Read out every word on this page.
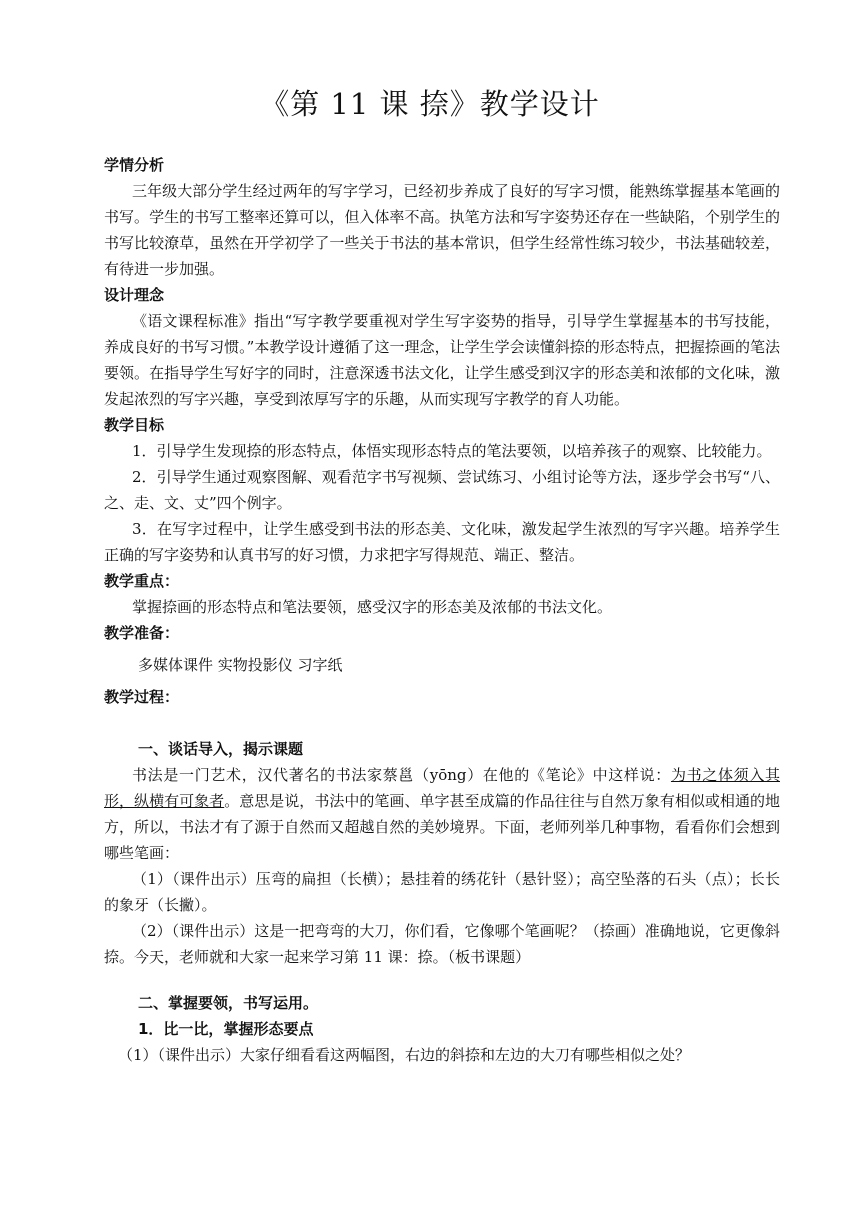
《第 11 课 捺》教学设计
学情分析
三年级大部分学生经过两年的写字学习，已经初步养成了良好的写字习惯，能熟练掌握基本笔画的书写。学生的书写工整率还算可以，但入体率不高。执笔方法和写字姿势还存在一些缺陷，个别学生的书写比较潦草，虽然在开学初学了一些关于书法的基本常识，但学生经常性练习较少，书法基础较差，有待进一步加强。
设计理念
《语文课程标准》指出“写字教学要重视对学生写字姿势的指导，引导学生掌握基本的书写技能，养成良好的书写习惯。”本教学设计遵循了这一理念，让学生学会读懂斜捺的形态特点，把握捺画的笔法要领。在指导学生写好字的同时，注意深透书法文化，让学生感受到汉字的形态美和浓郁的文化味，激发起浓烈的写字兴趣，享受到浓厚写字的乐趣，从而实现写字教学的育人功能。
教学目标
1．引导学生发现捺的形态特点，体悟实现形态特点的笔法要领，以培养孩子的观察、比较能力。
2．引导学生通过观察图解、观看范字书写视频、尝试练习、小组讨论等方法，逐步学会书写“八、之、走、文、丈”四个例字。
3．在写字过程中，让学生感受到书法的形态美、文化味，激发起学生浓烈的写字兴趣。培养学生正确的写字姿势和认真书写的好习惯，力求把字写得规范、端正、整洁。
教学重点：
掌握捺画的形态特点和笔法要领，感受汉字的形态美及浓郁的书法文化。
教学准备：
多媒体课件 实物投影仪 习字纸
教学过程：
一、谈话导入，揭示课题
书法是一门艺术，汉代著名的书法家蔡邕（yōng）在他的《笔论》中这样说：为书之体须入其形，纵横有可象者。意思是说，书法中的笔画、单字甚至成篇的作品往往与自然万象有相似或相通的地方，所以，书法才有了源于自然而又超越自然的美妙境界。下面，老师列举几种事物，看看你们会想到哪些笔画：
（1）（课件出示）压弯的扁担（长横）；悬挂着的绣花针（悬针竖）；高空坠落的石头（点）；长长的象牙（长撇）。
（2）（课件出示）这是一把弯弯的大刀，你们看，它像哪个笔画呢？（捺画）准确地说，它更像斜捺。今天，老师就和大家一起来学习第 11 课：捺。（板书课题）
二、掌握要领，书写运用。
1．比一比，掌握形态要点
（1）（课件出示）大家仔细看看这两幅图，右边的斜捺和左边的大刀有哪些相似之处？
